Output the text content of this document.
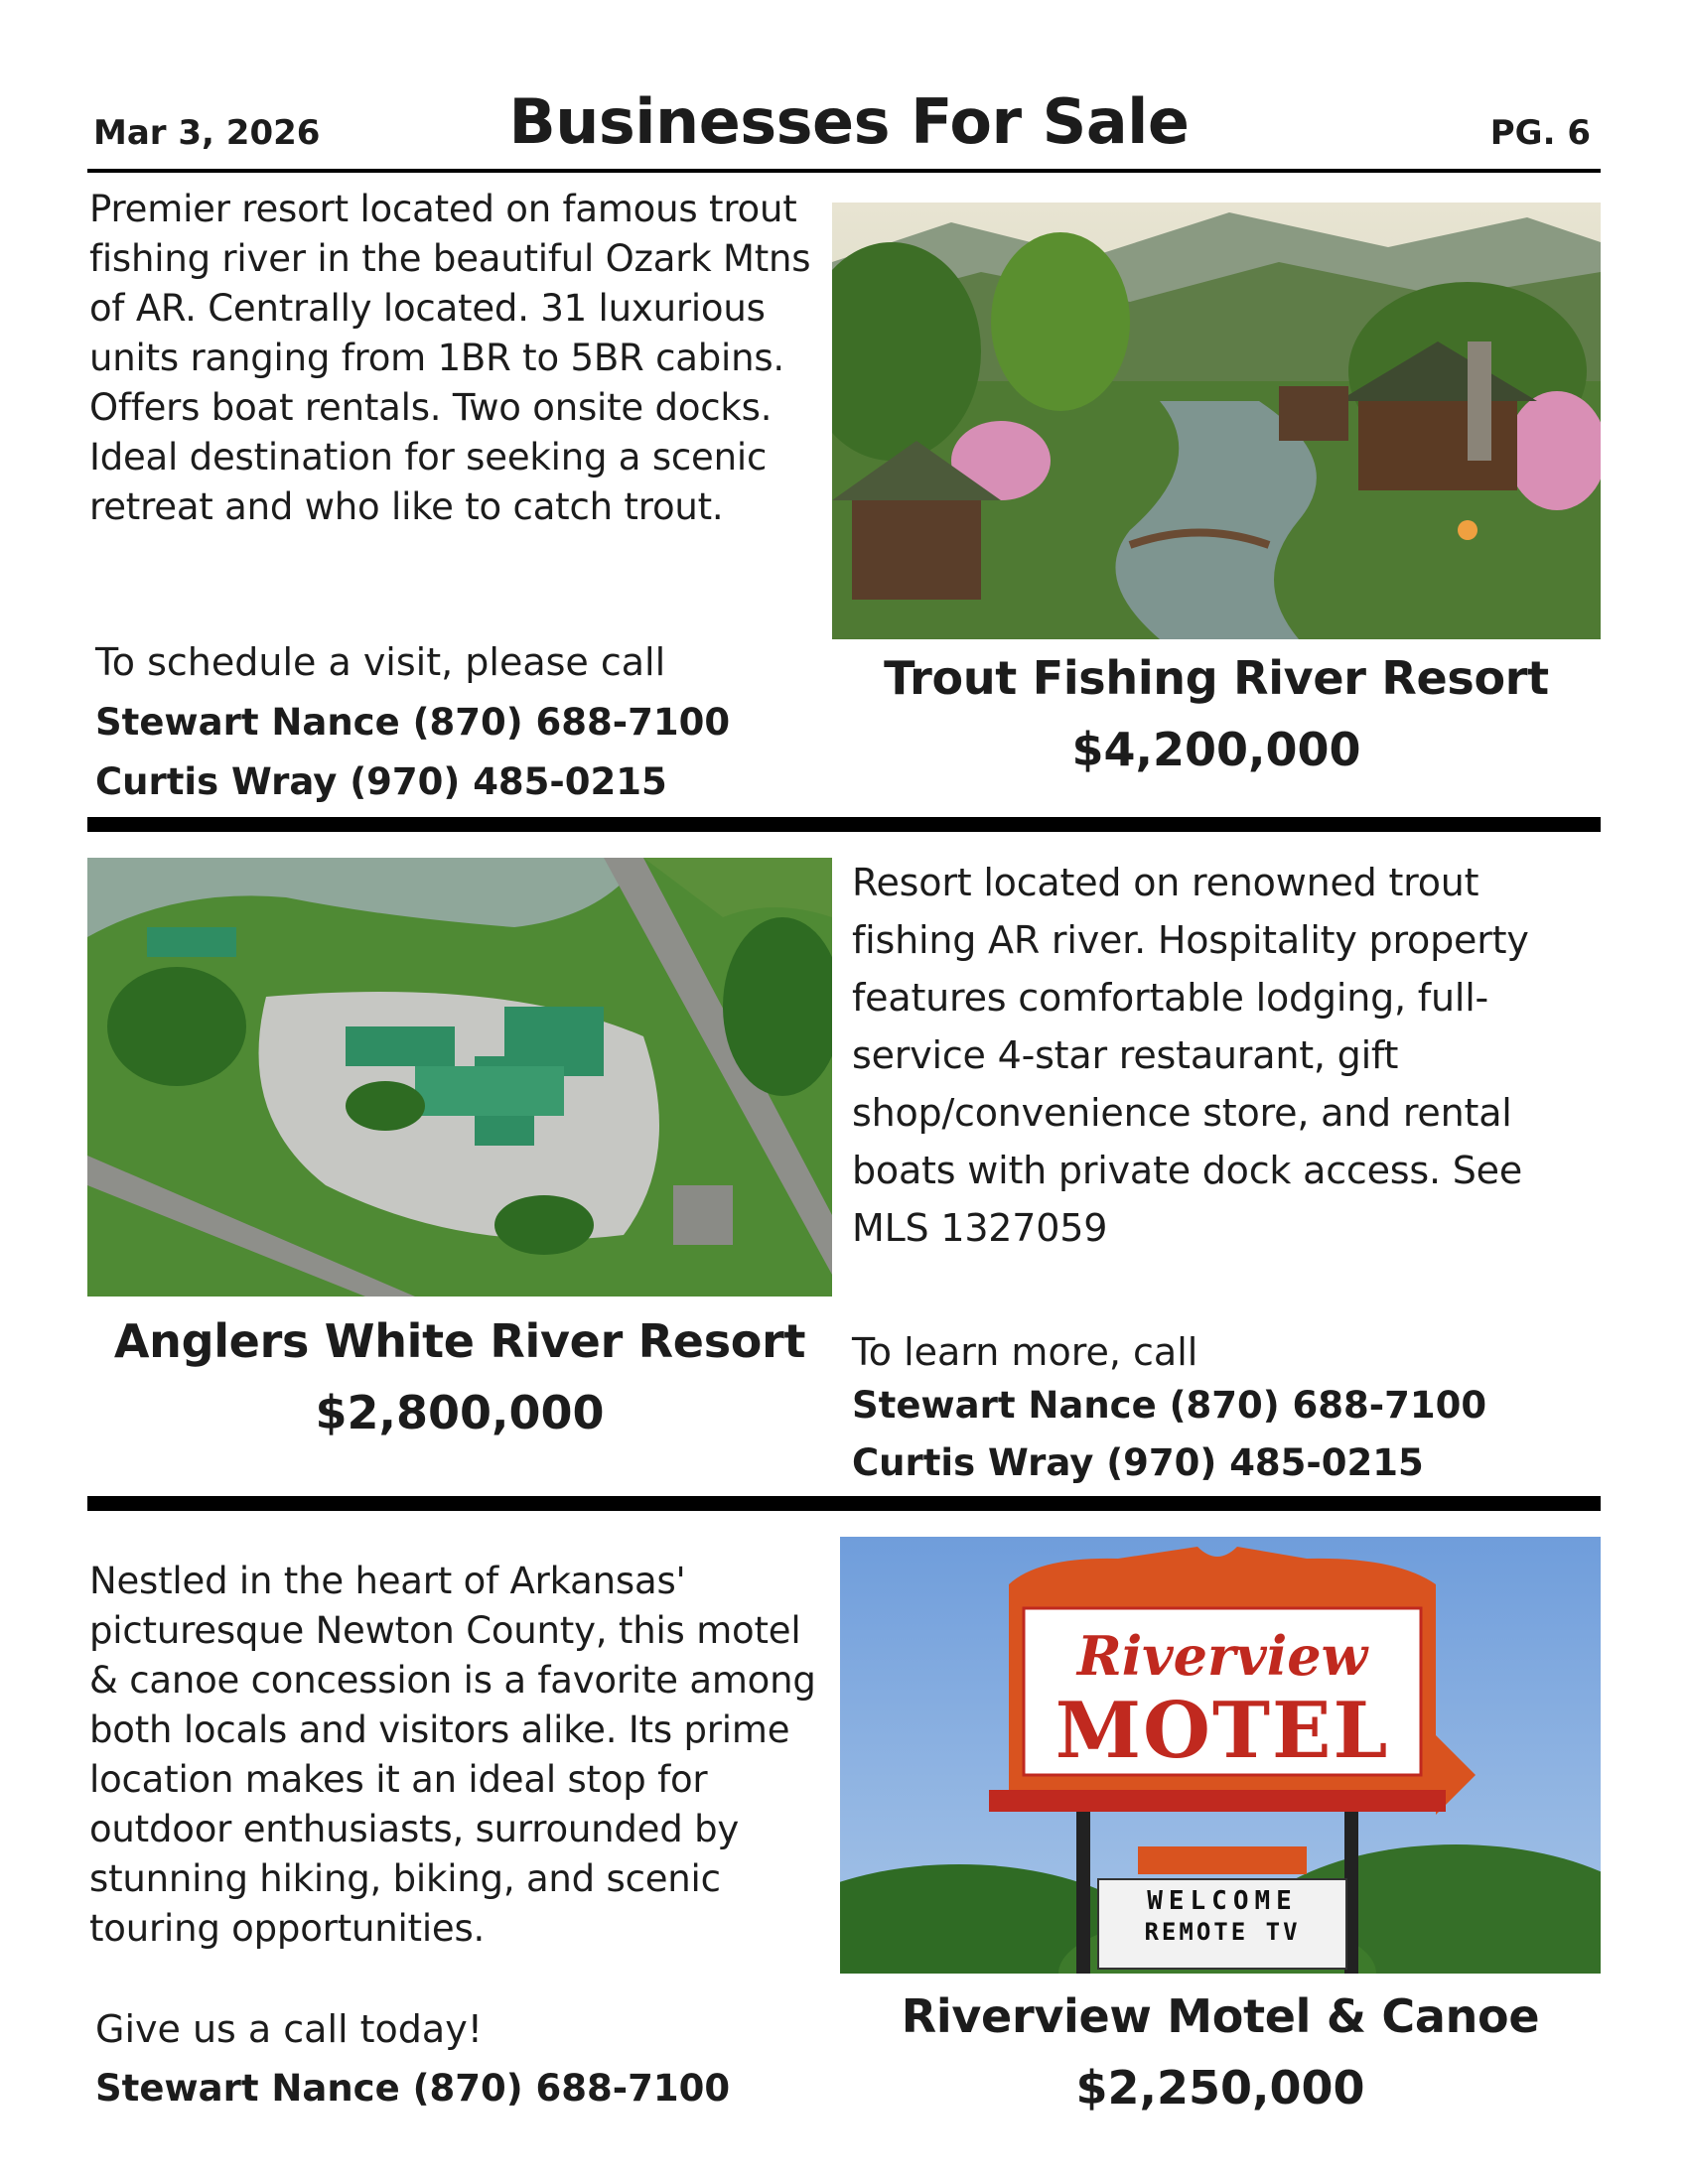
Mar 3, 2026	Businesses For Sale	PG. 6
Premier resort located on famous trout fishing river in the beautiful Ozark Mtns of AR. Centrally located. 31 luxurious units ranging from 1BR to 5BR cabins. Offers boat rentals. Two onsite docks. Ideal destination for seeking a scenic retreat and who like to catch trout.
To schedule a visit, please call
Stewart Nance (870) 688-7100
Curtis Wray (970) 485-0215
Trout Fishing River Resort
$4,200,000
Anglers White River Resort
$2,800,000
Resort located on renowned trout fishing AR river. Hospitality property features comfortable lodging, full-service 4-star restaurant, gift shop/convenience store, and rental boats with private dock access. See MLS 1327059
To learn more, call
Stewart Nance (870) 688-7100
Curtis Wray (970) 485-0215
Nestled in the heart of Arkansas' picturesque Newton County, this motel & canoe concession is a favorite among both locals and visitors alike. Its prime location makes it an ideal stop for outdoor enthusiasts, surrounded by stunning hiking, biking, and scenic touring opportunities.
Give us a call today!
Stewart Nance (870) 688-7100
Riverview
MOTEL
WELCOME
REMOTE TV
Riverview Motel & Canoe
$2,250,000
